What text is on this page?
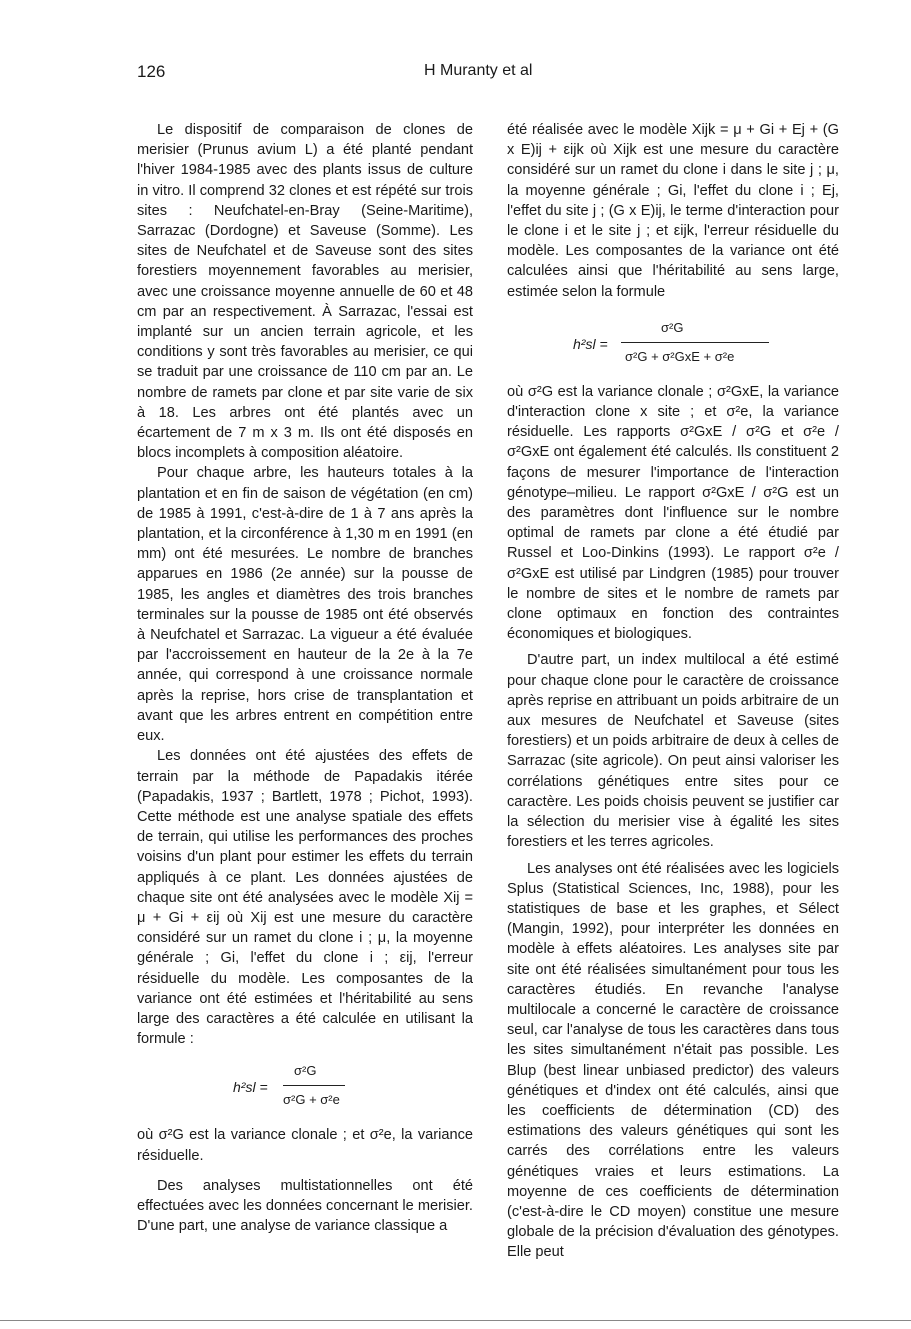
126	H Muranty et al

Le dispositif de comparaison de clones de merisier (Prunus avium L) a été planté pendant l'hiver 1984-1985 avec des plants issus de culture in vitro. Il comprend 32 clones et est répété sur trois sites : Neufchatel-en-Bray (Seine-Maritime), Sarrazac (Dordogne) et Saveuse (Somme). Les sites de Neufchatel et de Saveuse sont des sites forestiers moyennement favorables au merisier, avec une croissance moyenne annuelle de 60 et 48 cm par an respectivement. À Sarrazac, l'essai est implanté sur un ancien terrain agricole, et les conditions y sont très favorables au merisier, ce qui se traduit par une croissance de 110 cm par an. Le nombre de ramets par clone et par site varie de six à 18. Les arbres ont été plantés avec un écartement de 7 m x 3 m. Ils ont été disposés en blocs incomplets à composition aléatoire.

Pour chaque arbre, les hauteurs totales à la plantation et en fin de saison de végétation (en cm) de 1985 à 1991, c'est-à-dire de 1 à 7 ans après la plantation, et la circonférence à 1,30 m en 1991 (en mm) ont été mesurées. Le nombre de branches apparues en 1986 (2e année) sur la pousse de 1985, les angles et diamètres des trois branches terminales sur la pousse de 1985 ont été observés à Neufchatel et Sarrazac. La vigueur a été évaluée par l'accroissement en hauteur de la 2e à la 7e année, qui correspond à une croissance normale après la reprise, hors crise de transplantation et avant que les arbres entrent en compétition entre eux.

Les données ont été ajustées des effets de terrain par la méthode de Papadakis itérée (Papadakis, 1937 ; Bartlett, 1978 ; Pichot, 1993). Cette méthode est une analyse spatiale des effets de terrain, qui utilise les performances des proches voisins d'un plant pour estimer les effets du terrain appliqués à ce plant. Les données ajustées de chaque site ont été analysées avec le modèle Xij = μ + Gi + εij où Xij est une mesure du caractère considéré sur un ramet du clone i ; μ, la moyenne générale ; Gi, l'effet du clone i ; εij, l'erreur résiduelle du modèle. Les composantes de la variance ont été estimées et l'héritabilité au sens large des caractères a été calculée en utilisant la formule :

h²sl =
σ²G
σ²G + σ²e

où σ²G est la variance clonale ; et σ²e, la variance résiduelle.

Des analyses multistationnelles ont été effectuées avec les données concernant le merisier. D'une part, une analyse de variance classique a

été réalisée avec le modèle Xijk = μ + Gi + Ej + (G x E)ij + εijk où Xijk est une mesure du caractère considéré sur un ramet du clone i dans le site j ; μ, la moyenne générale ; Gi, l'effet du clone i ; Ej, l'effet du site j ; (G x E)ij, le terme d'interaction pour le clone i et le site j ; et εijk, l'erreur résiduelle du modèle. Les composantes de la variance ont été calculées ainsi que l'héritabilité au sens large, estimée selon la formule

h²sl =
σ²G
σ²G + σ²GxE + σ²e

où σ²G est la variance clonale ; σ²GxE, la variance d'interaction clone x site ; et σ²e, la variance résiduelle. Les rapports σ²GxE / σ²G et σ²e / σ²GxE ont également été calculés. Ils constituent 2 façons de mesurer l'importance de l'interaction génotype–milieu. Le rapport σ²GxE / σ²G est un des paramètres dont l'influence sur le nombre optimal de ramets par clone a été étudié par Russel et Loo-Dinkins (1993). Le rapport σ²e / σ²GxE est utilisé par Lindgren (1985) pour trouver le nombre de sites et le nombre de ramets par clone optimaux en fonction des contraintes économiques et biologiques.

D'autre part, un index multilocal a été estimé pour chaque clone pour le caractère de croissance après reprise en attribuant un poids arbitraire de un aux mesures de Neufchatel et Saveuse (sites forestiers) et un poids arbitraire de deux à celles de Sarrazac (site agricole). On peut ainsi valoriser les corrélations génétiques entre sites pour ce caractère. Les poids choisis peuvent se justifier car la sélection du merisier vise à égalité les sites forestiers et les terres agricoles.

Les analyses ont été réalisées avec les logiciels Splus (Statistical Sciences, Inc, 1988), pour les statistiques de base et les graphes, et Sélect (Mangin, 1992), pour interpréter les données en modèle à effets aléatoires. Les analyses site par site ont été réalisées simultanément pour tous les caractères étudiés. En revanche l'analyse multilocale a concerné le caractère de croissance seul, car l'analyse de tous les caractères dans tous les sites simultanément n'était pas possible. Les Blup (best linear unbiased predictor) des valeurs génétiques et d'index ont été calculés, ainsi que les coefficients de détermination (CD) des estimations des valeurs génétiques qui sont les carrés des corrélations entre les valeurs génétiques vraies et leurs estimations. La moyenne de ces coefficients de détermination (c'est-à-dire le CD moyen) constitue une mesure globale de la précision d'évaluation des génotypes. Elle peut
